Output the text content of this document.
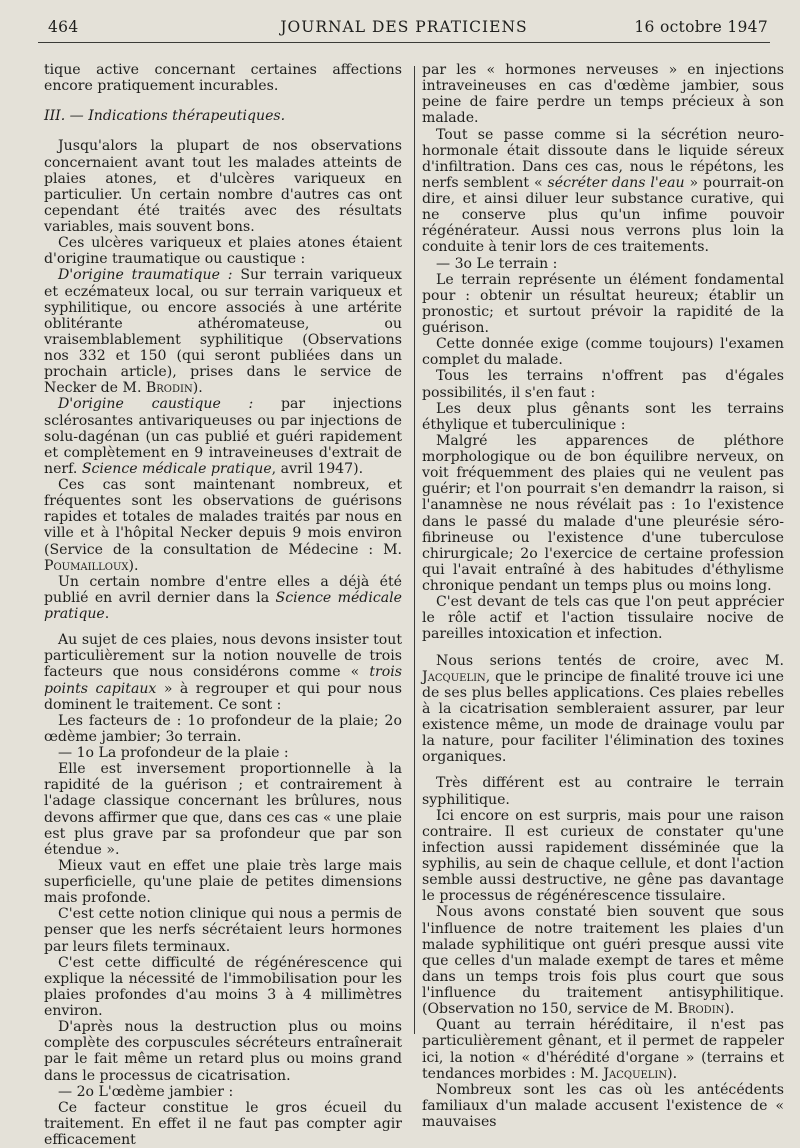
464	JOURNAL DES PRATICIENS	16 octobre 1947

tique active concernant certaines affections encore pratiquement incurables.

III. — Indications thérapeutiques.

Jusqu'alors la plupart de nos observations concernaient avant tout les malades atteints de plaies atones, et d'ulcères variqueux en particulier. Un certain nombre d'autres cas ont cependant été traités avec des résultats variables, mais souvent bons.

Ces ulcères variqueux et plaies atones étaient d'origine traumatique ou caustique :

D'origine traumatique : Sur terrain variqueux et eczémateux local, ou sur terrain variqueux et syphilitique, ou encore associés à une artérite oblitérante athéromateuse, ou vraisemblablement syphilitique (Observations nos 332 et 150 (qui seront publiées dans un prochain article), prises dans le service de Necker de M. Brodin).

D'origine caustique : par injections sclérosantes antivariqueuses ou par injections de solu-dagénan (un cas publié et guéri rapidement et complètement en 9 intraveineuses d'extrait de nerf. Science médicale pratique, avril 1947).

Ces cas sont maintenant nombreux, et fréquentes sont les observations de guérisons rapides et totales de malades traités par nous en ville et à l'hôpital Necker depuis 9 mois environ (Service de la consultation de Médecine : M. Poumailloux).

Un certain nombre d'entre elles a déjà été publié en avril dernier dans la Science médicale pratique.

Au sujet de ces plaies, nous devons insister tout particulièrement sur la notion nouvelle de trois facteurs que nous considérons comme « trois points capitaux » à regrouper et qui pour nous dominent le traitement. Ce sont :

Les facteurs de : 1o profondeur de la plaie; 2o œdème jambier; 3o terrain.

— 1o La profondeur de la plaie :

Elle est inversement proportionnelle à la rapidité de la guérison ; et contrairement à l'adage classique concernant les brûlures, nous devons affirmer que que, dans ces cas « une plaie est plus grave par sa profondeur que par son étendue ».

Mieux vaut en effet une plaie très large mais superficielle, qu'une plaie de petites dimensions mais profonde.

C'est cette notion clinique qui nous a permis de penser que les nerfs sécrétaient leurs hormones par leurs filets terminaux.

C'est cette difficulté de régénérescence qui explique la nécessité de l'immobilisation pour les plaies profondes d'au moins 3 à 4 millimètres environ.

D'après nous la destruction plus ou moins complète des corpuscules sécréteurs entraînerait par le fait même un retard plus ou moins grand dans le processus de cicatrisation.

— 2o L'œdème jambier :

Ce facteur constitue le gros écueil du traitement. En effet il ne faut pas compter agir efficacement

par les « hormones nerveuses » en injections intraveineuses en cas d'œdème jambier, sous peine de faire perdre un temps précieux à son malade.

Tout se passe comme si la sécrétion neuro-hormonale était dissoute dans le liquide séreux d'infiltration. Dans ces cas, nous le répétons, les nerfs semblent « sécréter dans l'eau » pourrait-on dire, et ainsi diluer leur substance curative, qui ne conserve plus qu'un infime pouvoir régénérateur. Aussi nous verrons plus loin la conduite à tenir lors de ces traitements.

— 3o Le terrain :

Le terrain représente un élément fondamental pour : obtenir un résultat heureux; établir un pronostic; et surtout prévoir la rapidité de la guérison.

Cette donnée exige (comme toujours) l'examen complet du malade.

Tous les terrains n'offrent pas d'égales possibilités, il s'en faut :

Les deux plus gênants sont les terrains éthylique et tuberculinique :

Malgré les apparences de pléthore morphologique ou de bon équilibre nerveux, on voit fréquemment des plaies qui ne veulent pas guérir; et l'on pourrait s'en demandrr la raison, si l'anamnèse ne nous révélait pas : 1o l'existence dans le passé du malade d'une pleurésie séro-fibrineuse ou l'existence d'une tuberculose chirurgicale; 2o l'exercice de certaine profession qui l'avait entraîné à des habitudes d'éthylisme chronique pendant un temps plus ou moins long.

C'est devant de tels cas que l'on peut apprécier le rôle actif et l'action tissulaire nocive de pareilles intoxication et infection.

Nous serions tentés de croire, avec M. Jacquelin, que le principe de finalité trouve ici une de ses plus belles applications. Ces plaies rebelles à la cicatrisation sembleraient assurer, par leur existence même, un mode de drainage voulu par la nature, pour faciliter l'élimination des toxines organiques.

Très différent est au contraire le terrain syphilitique.

Ici encore on est surpris, mais pour une raison contraire. Il est curieux de constater qu'une infection aussi rapidement disséminée que la syphilis, au sein de chaque cellule, et dont l'action semble aussi destructive, ne gêne pas davantage le processus de régénérescence tissulaire.

Nous avons constaté bien souvent que sous l'influence de notre traitement les plaies d'un malade syphilitique ont guéri presque aussi vite que celles d'un malade exempt de tares et même dans un temps trois fois plus court que sous l'influence du traitement antisyphilitique. (Observation no 150, service de M. Brodin).

Quant au terrain héréditaire, il n'est pas particulièrement gênant, et il permet de rappeler ici, la notion « d'hérédité d'organe » (terrains et tendances morbides : M. Jacquelin).

Nombreux sont les cas où les antécédents familiaux d'un malade accusent l'existence de « mauvaises
